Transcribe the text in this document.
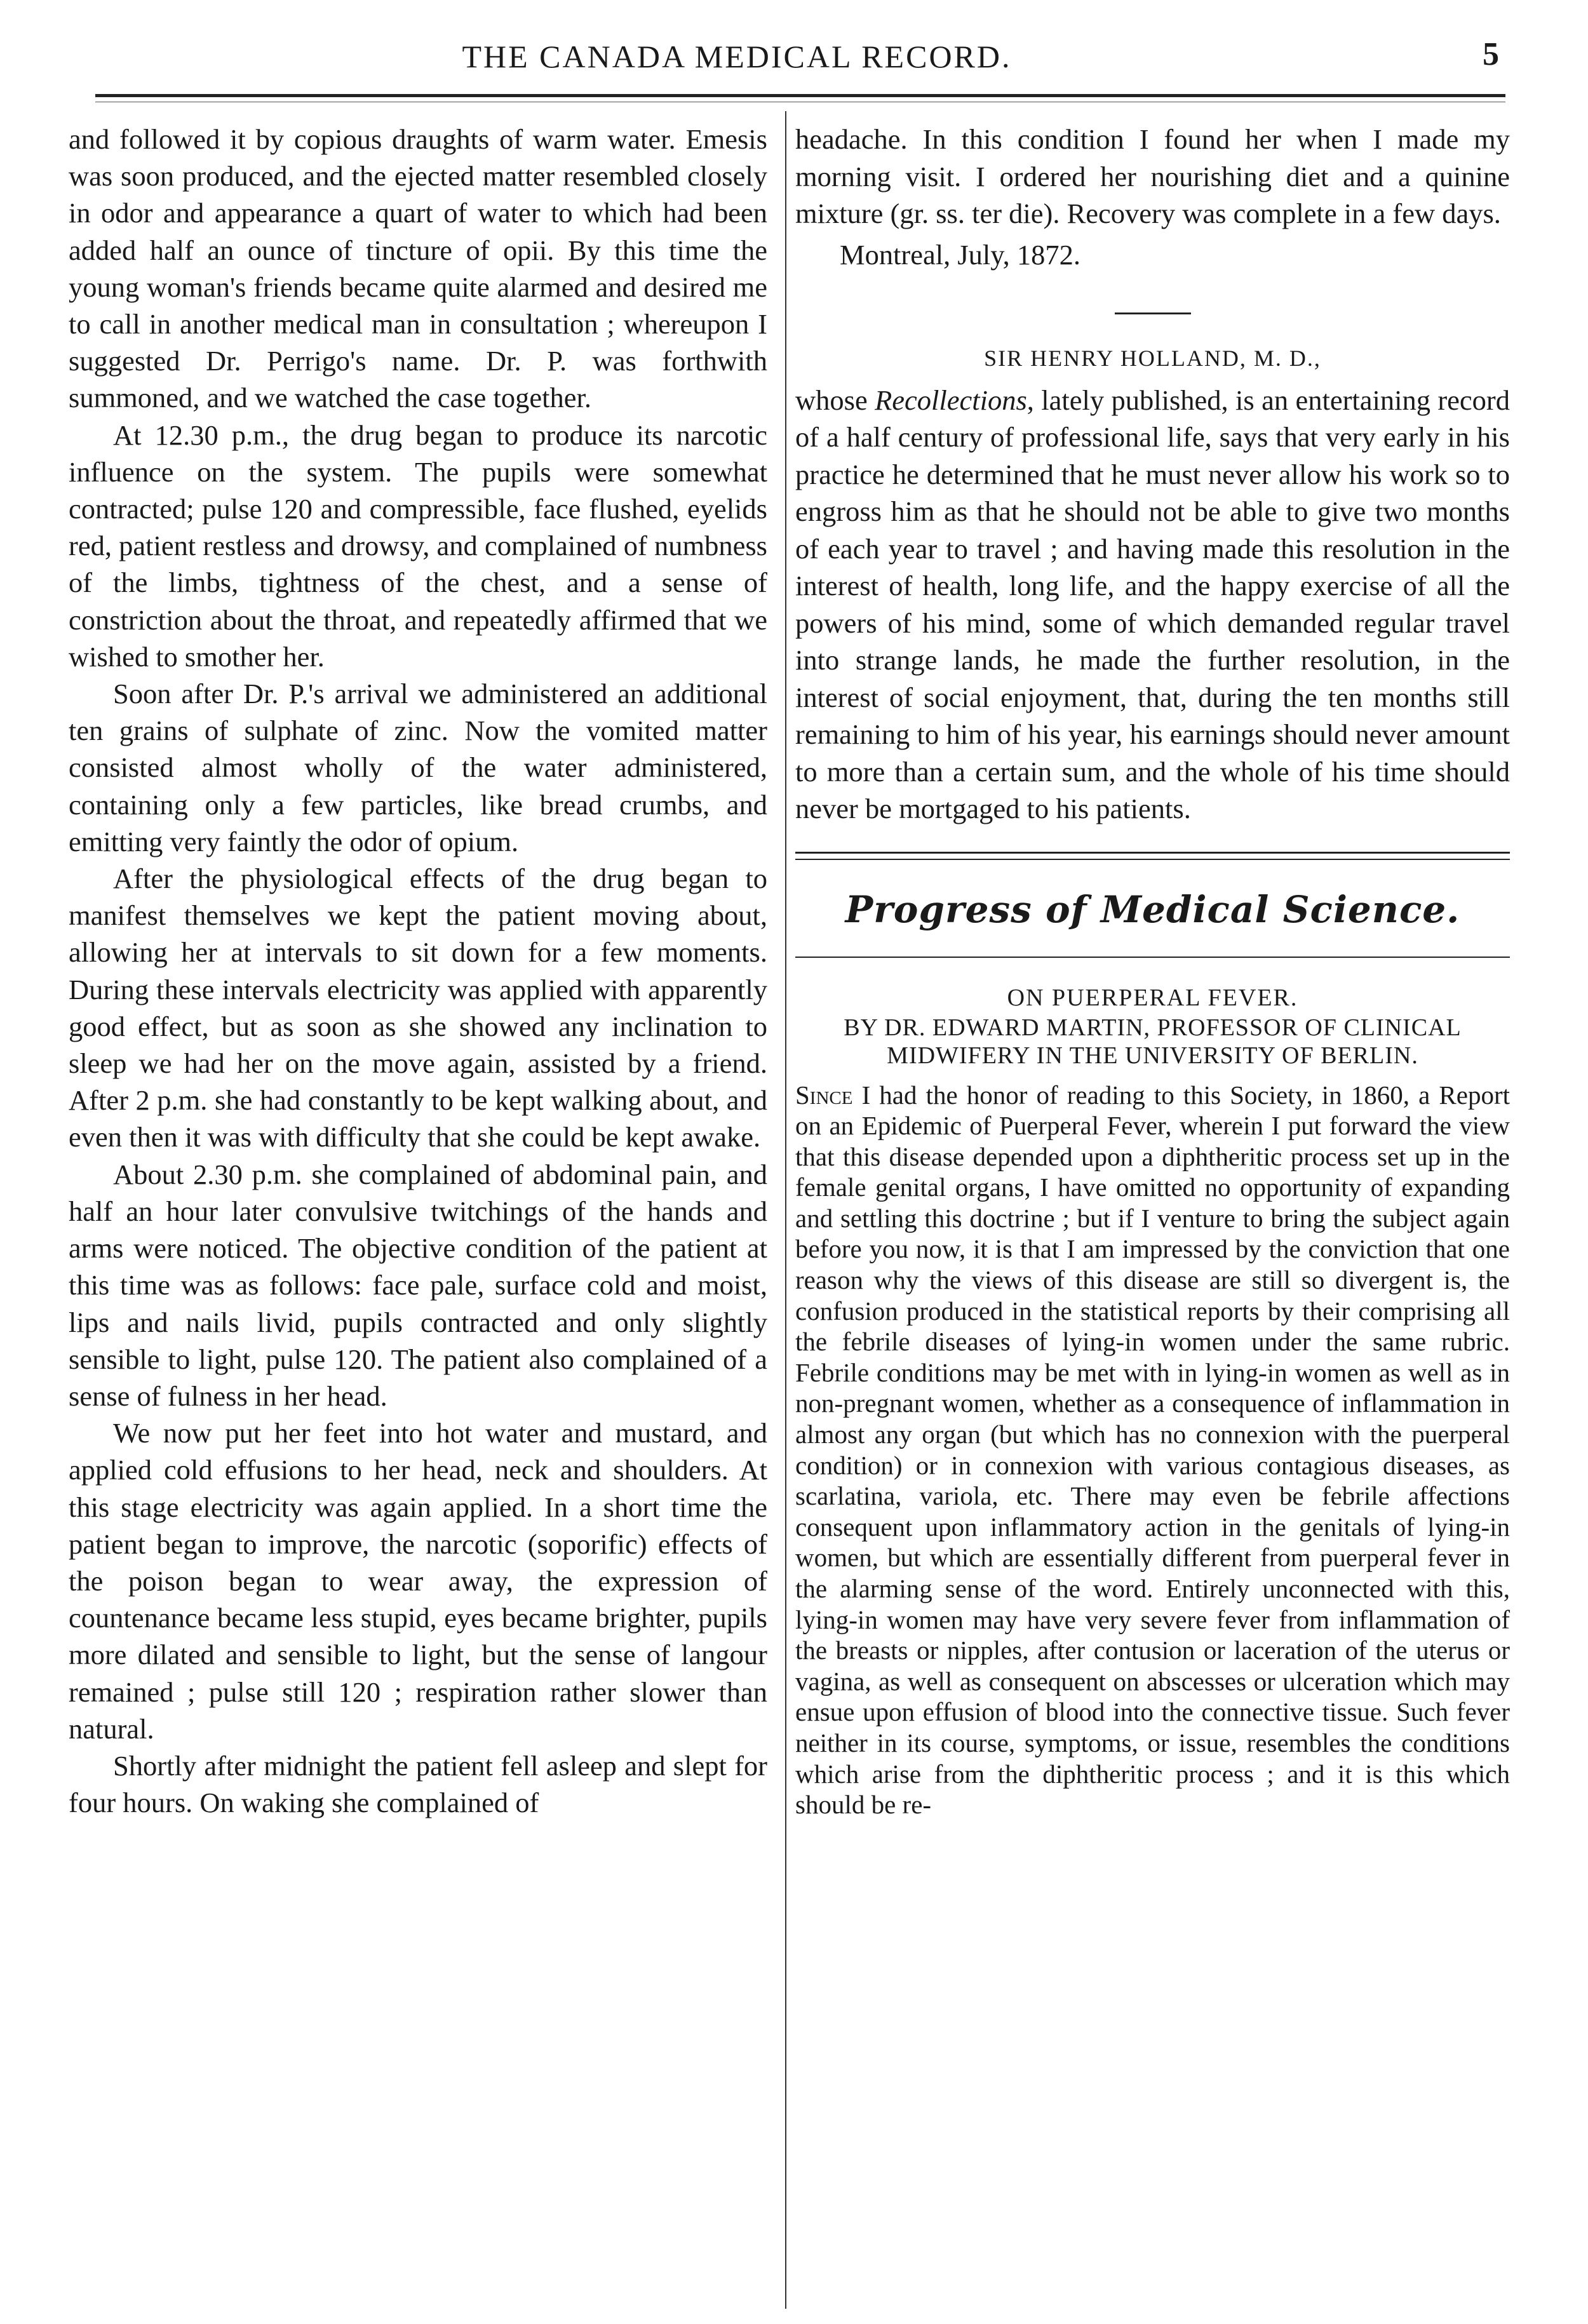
THE CANADA MEDICAL RECORD.	5

and followed it by copious draughts of warm water. Emesis was soon produced, and the ejected matter resembled closely in odor and appearance a quart of water to which had been added half an ounce of tincture of opii. By this time the young woman's friends became quite alarmed and desired me to call in another medical man in consultation ; whereupon I suggested Dr. Perrigo's name. Dr. P. was forthwith summoned, and we watched the case together.

At 12.30 p.m., the drug began to produce its narcotic influence on the system. The pupils were somewhat contracted; pulse 120 and compressible, face flushed, eyelids red, patient restless and drowsy, and complained of numbness of the limbs, tightness of the chest, and a sense of constriction about the throat, and repeatedly affirmed that we wished to smother her.

Soon after Dr. P.'s arrival we administered an additional ten grains of sulphate of zinc. Now the vomited matter consisted almost wholly of the water administered, containing only a few particles, like bread crumbs, and emitting very faintly the odor of opium.

After the physiological effects of the drug began to manifest themselves we kept the patient moving about, allowing her at intervals to sit down for a few moments. During these intervals electricity was applied with apparently good effect, but as soon as she showed any inclination to sleep we had her on the move again, assisted by a friend. After 2 p.m. she had constantly to be kept walking about, and even then it was with difficulty that she could be kept awake.

About 2.30 p.m. she complained of abdominal pain, and half an hour later convulsive twitchings of the hands and arms were noticed. The objective condition of the patient at this time was as follows: face pale, surface cold and moist, lips and nails livid, pupils contracted and only slightly sensible to light, pulse 120. The patient also complained of a sense of fulness in her head.

We now put her feet into hot water and mustard, and applied cold effusions to her head, neck and shoulders. At this stage electricity was again applied. In a short time the patient began to improve, the narcotic (soporific) effects of the poison began to wear away, the expression of countenance became less stupid, eyes became brighter, pupils more dilated and sensible to light, but the sense of langour remained ; pulse still 120 ; respiration rather slower than natural.

Shortly after midnight the patient fell asleep and slept for four hours. On waking she complained of

headache. In this condition I found her when I made my morning visit. I ordered her nourishing diet and a quinine mixture (gr. ss. ter die). Recovery was complete in a few days.

Montreal, July, 1872.

SIR HENRY HOLLAND, M. D.,

whose Recollections, lately published, is an entertaining record of a half century of professional life, says that very early in his practice he determined that he must never allow his work so to engross him as that he should not be able to give two months of each year to travel ; and having made this resolution in the interest of health, long life, and the happy exercise of all the powers of his mind, some of which demanded regular travel into strange lands, he made the further resolution, in the interest of social enjoyment, that, during the ten months still remaining to him of his year, his earnings should never amount to more than a certain sum, and the whole of his time should never be mortgaged to his patients.

Progress of Medical Science.

ON PUERPERAL FEVER.

BY DR. EDWARD MARTIN, PROFESSOR OF CLINICAL
MIDWIFERY IN THE UNIVERSITY OF BERLIN.

Since I had the honor of reading to this Society, in 1860, a Report on an Epidemic of Puerperal Fever, wherein I put forward the view that this disease depended upon a diphtheritic process set up in the female genital organs, I have omitted no opportunity of expanding and settling this doctrine ; but if I venture to bring the subject again before you now, it is that I am impressed by the conviction that one reason why the views of this disease are still so divergent is, the confusion produced in the statistical reports by their comprising all the febrile diseases of lying-in women under the same rubric. Febrile conditions may be met with in lying-in women as well as in non-pregnant women, whether as a consequence of inflammation in almost any organ (but which has no connexion with the puerperal condition) or in connexion with various contagious diseases, as scarlatina, variola, etc. There may even be febrile affections consequent upon inflammatory action in the genitals of lying-in women, but which are essentially different from puerperal fever in the alarming sense of the word. Entirely unconnected with this, lying-in women may have very severe fever from inflammation of the breasts or nipples, after contusion or laceration of the uterus or vagina, as well as consequent on abscesses or ulceration which may ensue upon effusion of blood into the connective tissue. Such fever neither in its course, symptoms, or issue, resembles the conditions which arise from the diphtheritic process ; and it is this which should be re-
